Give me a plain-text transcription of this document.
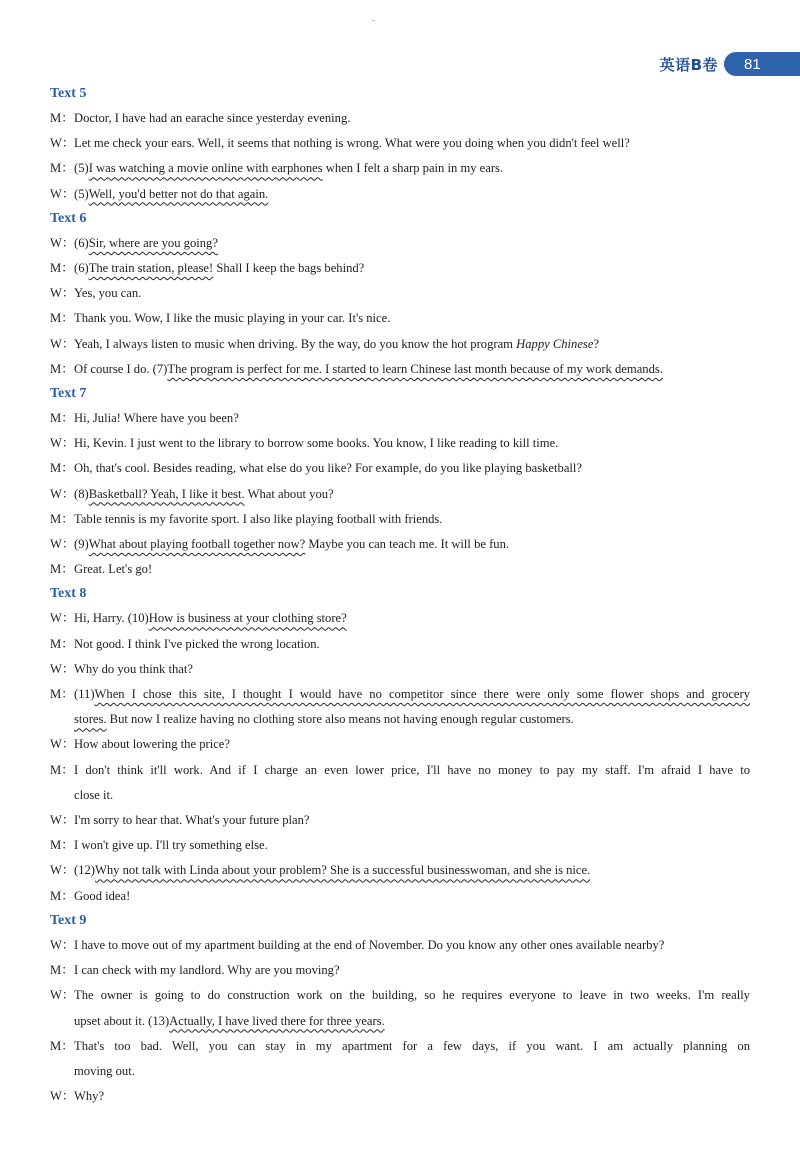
英语B卷	81
Text 5
M：Doctor, I have had an earache since yesterday evening.
W：Let me check your ears. Well, it seems that nothing is wrong. What were you doing when you didn't feel well?
M：(5)I was watching a movie online with earphones when I felt a sharp pain in my ears.
W：(5)Well, you'd better not do that again.
Text 6
W：(6)Sir, where are you going?
M：(6)The train station, please! Shall I keep the bags behind?
W：Yes, you can.
M：Thank you. Wow, I like the music playing in your car. It's nice.
W：Yeah, I always listen to music when driving. By the way, do you know the hot program Happy Chinese?
M：Of course I do. (7)The program is perfect for me. I started to learn Chinese last month because of my work demands.
Text 7
M：Hi, Julia! Where have you been?
W：Hi, Kevin. I just went to the library to borrow some books. You know, I like reading to kill time.
M：Oh, that's cool. Besides reading, what else do you like? For example, do you like playing basketball?
W：(8)Basketball? Yeah, I like it best. What about you?
M：Table tennis is my favorite sport. I also like playing football with friends.
W：(9)What about playing football together now? Maybe you can teach me. It will be fun.
M：Great. Let's go!
Text 8
W：Hi, Harry. (10)How is business at your clothing store?
M：Not good. I think I've picked the wrong location.
W：Why do you think that?
M：(11)When I chose this site, I thought I would have no competitor since there were only some flower shops and grocery
stores. But now I realize having no clothing store also means not having enough regular customers.
W：How about lowering the price?
M：I don't think it'll work. And if I charge an even lower price, I'll have no money to pay my staff. I'm afraid I have to
close it.
W：I'm sorry to hear that. What's your future plan?
M：I won't give up. I'll try something else.
W：(12)Why not talk with Linda about your problem? She is a successful businesswoman, and she is nice.
M：Good idea!
Text 9
W：I have to move out of my apartment building at the end of November. Do you know any other ones available nearby?
M：I can check with my landlord. Why are you moving?
W：The owner is going to do construction work on the building, so he requires everyone to leave in two weeks. I'm really
upset about it. (13)Actually, I have lived there for three years.
M：That's too bad. Well, you can stay in my apartment for a few days, if you want. I am actually planning on
moving out.
W：Why?
